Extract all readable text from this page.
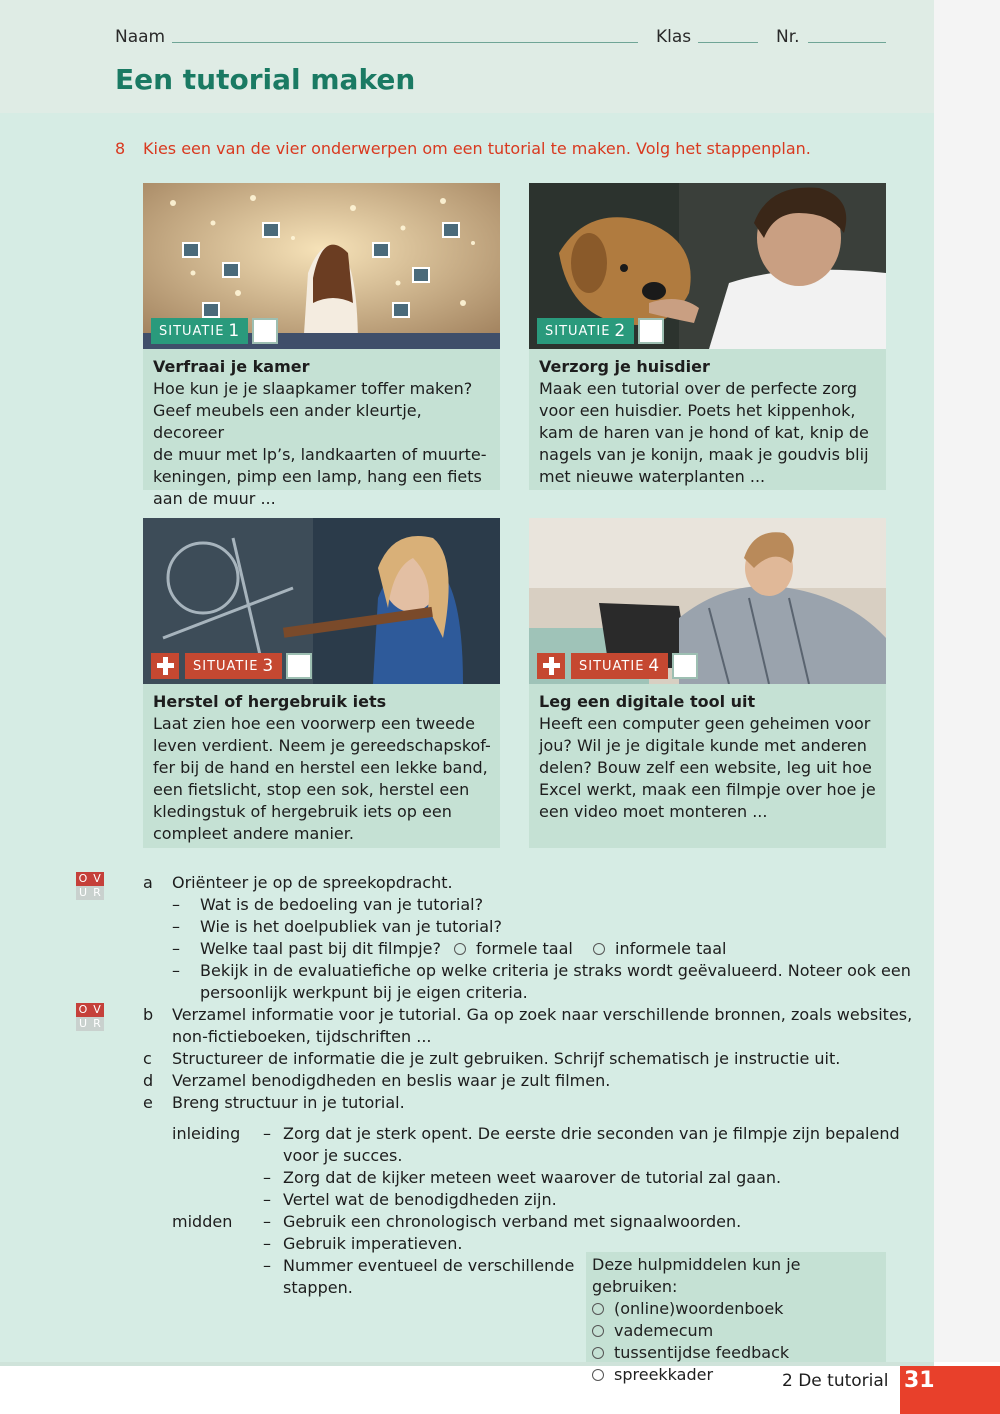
Naam	Klas	Nr.
Een tutorial maken
8 Kies een van de vier onderwerpen om een tutorial te maken. Volg het stappenplan.
SITUATIE 1
Verfraai je kamer
Hoe kun je je slaapkamer toffer maken?
Geef meubels een ander kleurtje, decoreer
de muur met lp’s, landkaarten of muurte-
keningen, pimp een lamp, hang een fiets
aan de muur ...
SITUATIE 2
Verzorg je huisdier
Maak een tutorial over de perfecte zorg
voor een huisdier. Poets het kippenhok,
kam de haren van je hond of kat, knip de
nagels van je konijn, maak je goudvis blij
met nieuwe waterplanten ...
SITUATIE 3
Herstel of hergebruik iets
Laat zien hoe een voorwerp een tweede
leven verdient. Neem je gereedschapskof-
fer bij de hand en herstel een lekke band,
een fietslicht, stop een sok, herstel een
kledingstuk of hergebruik iets op een
compleet andere manier.
SITUATIE 4
Leg een digitale tool uit
Heeft een computer geen geheimen voor
jou? Wil je je digitale kunde met anderen
delen? Bouw zelf een website, leg uit hoe
Excel werkt, maak een filmpje over hoe je
een video moet monteren ...
O V
U R
O V
U R
a Oriënteer je op de spreekopdracht.
– Wat is de bedoeling van je tutorial?
– Wie is het doelpubliek van je tutorial?
– Welke taal past bij dit filmpje?	formele taal	informele taal
– Bekijk in de evaluatiefiche op welke criteria je straks wordt geëvalueerd. Noteer ook een
persoonlijk werkpunt bij je eigen criteria.
b Verzamel informatie voor je tutorial. Ga op zoek naar verschillende bronnen, zoals websites,
non-fictieboeken, tijdschriften ...
c Structureer de informatie die je zult gebruiken. Schrijf schematisch je instructie uit.
d Verzamel benodigdheden en beslis waar je zult filmen.
e Breng structuur in je tutorial.
inleiding – Zorg dat je sterk opent. De eerste drie seconden van je filmpje zijn bepalend
voor je succes.
– Zorg dat de kijker meteen weet waarover de tutorial zal gaan.
– Vertel wat de benodigdheden zijn.
midden – Gebruik een chronologisch verband met signaalwoorden.
– Gebruik imperatieven.
– Nummer eventueel de verschillende
stappen.
Deze hulpmiddelen kun je gebruiken:
(online)woordenboek
vademecum
tussentijdse feedback
spreekkader	2 De tutorial 31
